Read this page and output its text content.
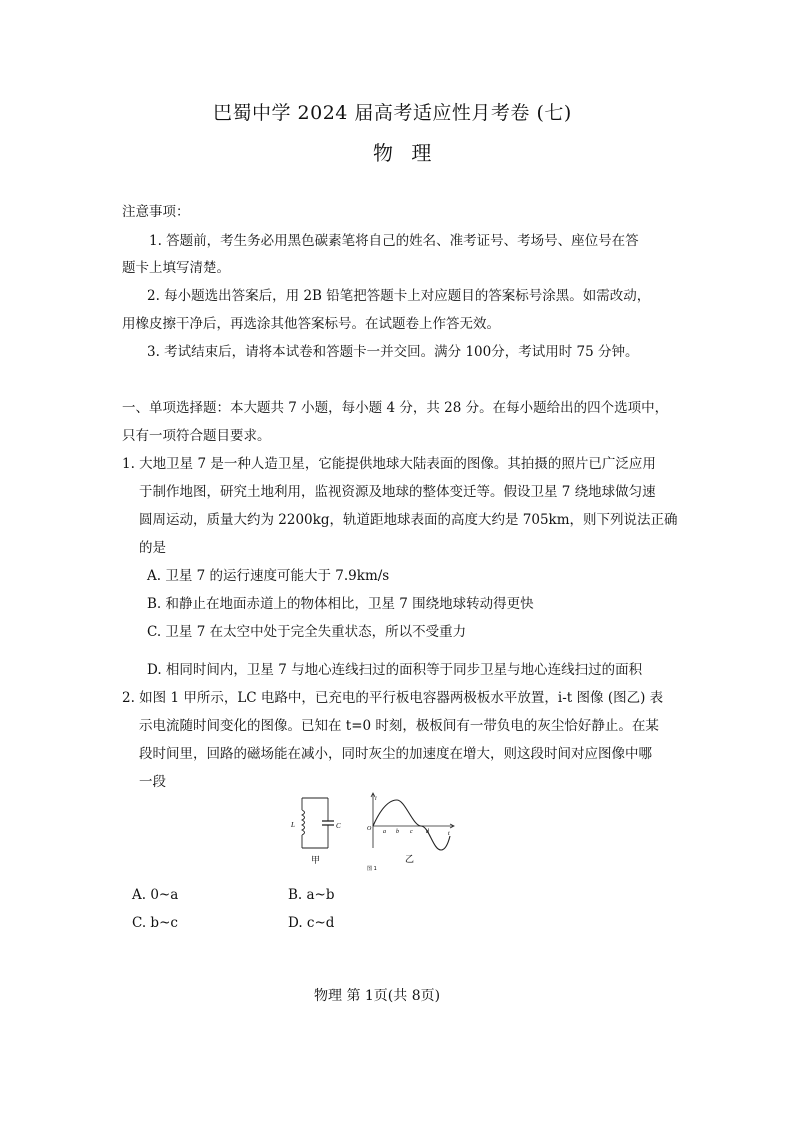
巴蜀中学 2024 届高考适应性月考卷 (七)
物 理
注意事项：
1. 答题前，考生务必用黑色碳素笔将自己的姓名、准考证号、考场号、座位号在答
题卡上填写清楚。
2. 每小题选出答案后，用 2B 铅笔把答题卡上对应题目的答案标号涂黑。如需改动，
用橡皮擦干净后，再选涂其他答案标号。在试题卷上作答无效。
3. 考试结束后，请将本试卷和答题卡一并交回。满分 100分，考试用时 75 分钟。
一、单项选择题：本大题共 7 小题，每小题 4 分，共 28 分。在每小题给出的四个选项中，
只有一项符合题目要求。
1. 大地卫星 7 是一种人造卫星，它能提供地球大陆表面的图像。其拍摄的照片已广泛应用
于制作地图，研究土地利用，监视资源及地球的整体变迁等。假设卫星 7 绕地球做匀速
圆周运动，质量大约为 2200kg，轨道距地球表面的高度大约是 705km，则下列说法正确
的是
A. 卫星 7 的运行速度可能大于 7.9km/s
B. 和静止在地面赤道上的物体相比，卫星 7 围绕地球转动得更快
C. 卫星 7 在太空中处于完全失重状态，所以不受重力
D. 相同时间内，卫星 7 与地心连线扫过的面积等于同步卫星与地心连线扫过的面积
2. 如图 1 甲所示，LC 电路中，已充电的平行板电容器两极板水平放置，i-t 图像 (图乙) 表
示电流随时间变化的图像。已知在 t=0 时刻，极板间有一带负电的灰尘恰好静止。在某
段时间里，回路的磁场能在减小，同时灰尘的加速度在增大，则这段时间对应图像中哪
一段
L	C
甲
i
O a b c d	t
乙
图 1
A. 0~a	B. a~b
C. b~c	D. c~d
物理 第 1页(共 8页)
